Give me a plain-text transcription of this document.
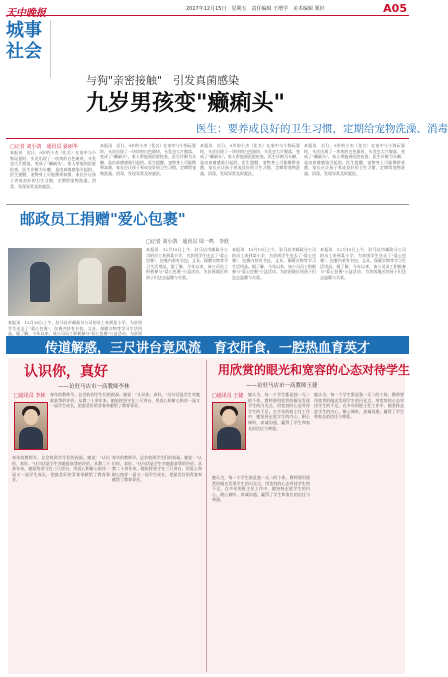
天中晚报	2017年12月15日　星期五　责任编辑 王增学　美术编辑 栗杉	A05
城事
社会
与狗"亲密接触"　引发真菌感染
九岁男孩变"癞痢头"
医生：要养成良好的卫生习惯，定期给宠物洗澡、消毒
□记者 刘小鸽　通讯员 晏丽华
本报讯　近日，9岁的小杰（化名）在家中与小狗玩耍时，头皮出现了一块块的白色斑块，头发也大片脱落，变成了"癞痢头"。家人带他到医院检查，医生诊断为头癣，是由真菌感染引起的。医生提醒，宠物身上可能携带真菌，家长应让孩子养成良好的卫生习惯，定期给宠物洗澡、消毒，发现异常及时就医。
本报讯　近日，9岁的小杰（化名）在家中与小狗玩耍时，头皮出现了一块块的白色斑块，头发也大片脱落，变成了"癞痢头"。家人带他到医院检查，医生诊断为头癣，是由真菌感染引起的。医生提醒，宠物身上可能携带真菌，家长应让孩子养成良好的卫生习惯，定期给宠物洗澡、消毒，发现异常及时就医。
本报讯　近日，9岁的小杰（化名）在家中与小狗玩耍时，头皮出现了一块块的白色斑块，头发也大片脱落，变成了"癞痢头"。家人带他到医院检查，医生诊断为头癣，是由真菌感染引起的。医生提醒，宠物身上可能携带真菌，家长应让孩子养成良好的卫生习惯，定期给宠物洗澡、消毒，发现异常及时就医。
本报讯　近日，9岁的小杰（化名）在家中与小狗玩耍时，头皮出现了一块块的白色斑块，头发也大片脱落，变成了"癞痢头"。家人带他到医院检查，医生诊断为头癣，是由真菌感染引起的。医生提醒，宠物身上可能携带真菌，家长应让孩子养成良好的卫生习惯，定期给宠物洗澡、消毒，发现异常及时就医。
邮政员工捐赠"爱心包裹"
□记者 刘小鸽　通讯员 周一鸣　李欣
本报讯　12月15日上午，驻马店市邮政分公司的员工来到某小学，为贫困学生送去了"爱心包裹"，包裹内装有书包、文具、保暖衣物等学习生活用品。据了解，今年以来，该公司员工积极参与"爱心包裹"公益活动，为贫困地区的孩子们送去温暖与关爱。
本报讯　12月15日上午，驻马店市邮政分公司的员工来到某小学，为贫困学生送去了"爱心包裹"，包裹内装有书包、文具、保暖衣物等学习生活用品。据了解，今年以来，该公司员工积极参与"爱心包裹"公益活动，为贫困地区的孩子们送去温暖与关爱。
本报讯　12月15日上午，驻马店市邮政分公司的员工来到某小学，为贫困学生送去了"爱心包裹"，包裹内装有书包、文具、保暖衣物等学习生活用品。据了解，今年以来，该公司员工积极参与"爱心包裹"公益活动，为贫困地区的孩子们送去温暖与关爱。
本报讯　12月15日上午，驻马店市邮政分公司的员工来到某小学，为贫困学生送去了"爱心包裹"，包裹内装有书包、文具、保暖衣物等学习生活用品。据了解，今年以来，该公司员工积极参与"爱心包裹"公益活动，为贫困
传道解惑，三尺讲台竟风流　育衣肝食，一腔热血育英才
认识你，真好
——访驻马店市一高教师李林
□通讯员 李林 每年的教师节，总会收到学生们的祝福。她说："认识你，真好。"这句话是学生对她最真挚的评价。从教二十余年来，她始终坚守在三尺讲台，用爱心和耐心陪伴一届又一届学生成长，把最美好的青春奉献给了教育事业。
每年的教师节，总会收到学生们的祝福。她说："认识你，真好。"这句话是学生对她最真挚的评价。从教二十余年来，她始终坚守在三尺讲台，用爱心和耐心陪伴一届又一届学生成长，把最美好的青春奉献给了教育事业。
每年的教师节，总会收到学生们的祝福。她说："认识你，真好。"这句话是学生对她最真挚的评价。从教二十余年来，她始终坚守在三尺讲台，用爱心和耐心陪伴一届又一届学生成长，把最美好的青春奉献给了教育事业。
用欣赏的眼光和宽容的心态对待学生
——访驻马店市一高教师王捷
□通讯员 王捷 她认为，每一个学生都是独一无二的个体，教师要用欣赏的眼光发现学生的闪光点，用宽容的心态对待学生的不足。在多年的班主任工作中，她坚持走进学生的内心，耐心倾听，真诚沟通，赢得了学生和家长的信任与尊重。
她认为，每一个学生都是独一无二的个体，教师要用欣赏的眼光发现学生的闪光点，用宽容的心态对待学生的不足。在多年的班主任工作中，她坚持走进学生的内心，耐心倾听，真诚沟通，赢得了学生和家长的信任与尊重。
她认为，每一个学生都是独一无二的个体，教师要用欣赏的眼光发现学生的闪光点，用宽容的心态对待学生的不足。在多年的班主任工作中，她坚持走进学生的内心，耐心倾听，真诚沟通，赢得了学生和家长的信任与尊重。
